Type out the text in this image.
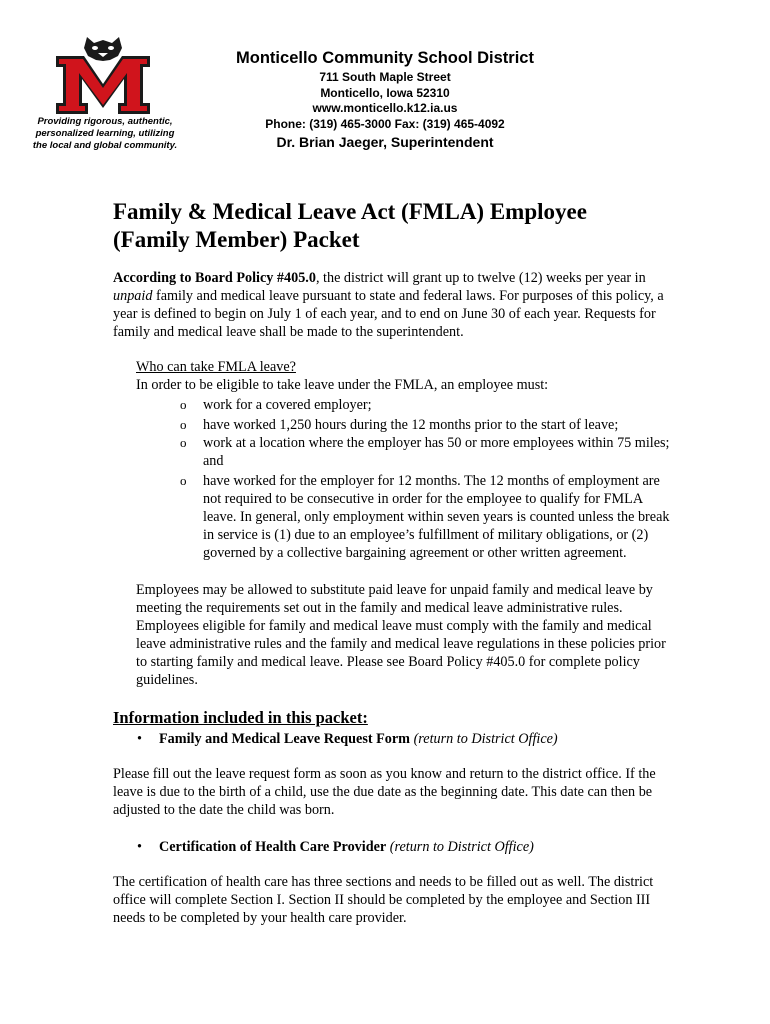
Providing rigorous, authentic, personalized learning, utilizing the local and global community.
Monticello Community School District
711 South Maple Street
Monticello, Iowa 52310
www.monticello.k12.ia.us
Phone: (319) 465-3000 Fax: (319) 465-4092
Dr. Brian Jaeger, Superintendent
Family & Medical Leave Act (FMLA) Employee
(Family Member) Packet

According to Board Policy #405.0, the district will grant up to twelve (12) weeks per year in unpaid family and medical leave pursuant to state and federal laws. For purposes of this policy, a year is defined to begin on July 1 of each year, and to end on June 30 of each year. Requests for family and medical leave shall be made to the superintendent.

Who can take FMLA leave?

In order to be eligible to take leave under the FMLA, an employee must:

o work for a covered employer;
o have worked 1,250 hours during the 12 months prior to the start of leave;
o work at a location where the employer has 50 or more employees within 75 miles; and
o have worked for the employer for 12 months. The 12 months of employment are not required to be consecutive in order for the employee to qualify for FMLA leave. In general, only employment within seven years is counted unless the break in service is (1) due to an employee’s fulfillment of military obligations, or (2) governed by a collective bargaining agreement or other written agreement.

Employees may be allowed to substitute paid leave for unpaid family and medical leave by meeting the requirements set out in the family and medical leave administrative rules. Employees eligible for family and medical leave must comply with the family and medical leave administrative rules and the family and medical leave regulations in these policies prior to starting family and medical leave. Please see Board Policy #405.0 for complete policy guidelines.

Information included in this packet:
• Family and Medical Leave Request Form (return to District Office)

Please fill out the leave request form as soon as you know and return to the district office. If the leave is due to the birth of a child, use the due date as the beginning date. This date can then be adjusted to the date the child was born.

• Certification of Health Care Provider (return to District Office)

The certification of health care has three sections and needs to be filled out as well. The district office will complete Section I. Section II should be completed by the employee and Section III needs to be completed by your health care provider.
